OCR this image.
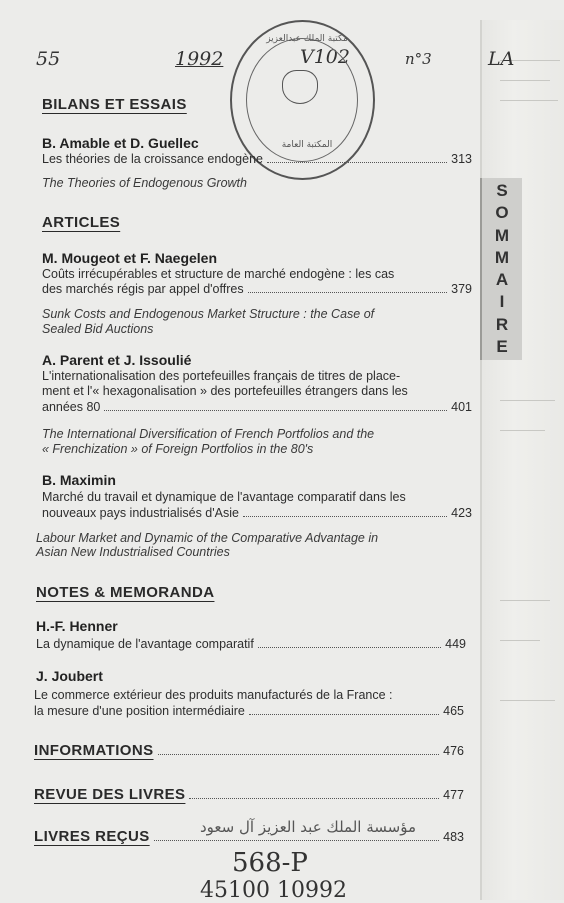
S
O
M
M
A
I
R
E
55	1992	V102	n°3	LA
مكتبة الملك عبدالعزيز
المكتبة العامة
BILANS ET ESSAIS
B. Amable et D. Guellec
Les théories de la croissance endogène	313
The Theories of Endogenous Growth
ARTICLES
M. Mougeot et F. Naegelen
Coûts irrécupérables et structure de marché endogène : les cas
des marchés régis par appel d'offres	379
Sunk Costs and Endogenous Market Structure : the Case of
Sealed Bid Auctions
A. Parent et J. Issoulié
L'internationalisation des portefeuilles français de titres de place-
ment et l'« hexagonalisation » des portefeuilles étrangers dans les
années 80	401
The International Diversification of French Portfolios and the
« Frenchization » of Foreign Portfolios in the 80's
B. Maximin
Marché du travail et dynamique de l'avantage comparatif dans les
nouveaux pays industrialisés d'Asie	423
Labour Market and Dynamic of the Comparative Advantage in
Asian New Industrialised Countries
NOTES & MEMORANDA
H.-F. Henner
La dynamique de l'avantage comparatif	449
J. Joubert
Le commerce extérieur des produits manufacturés de la France :
la mesure d'une position intermédiaire	465
INFORMATIONS	476
REVUE DES LIVRES	477
LIVRES REÇUS	483
مؤسسة الملك عبد العزيز آل سعود
568-P
45100 10992
